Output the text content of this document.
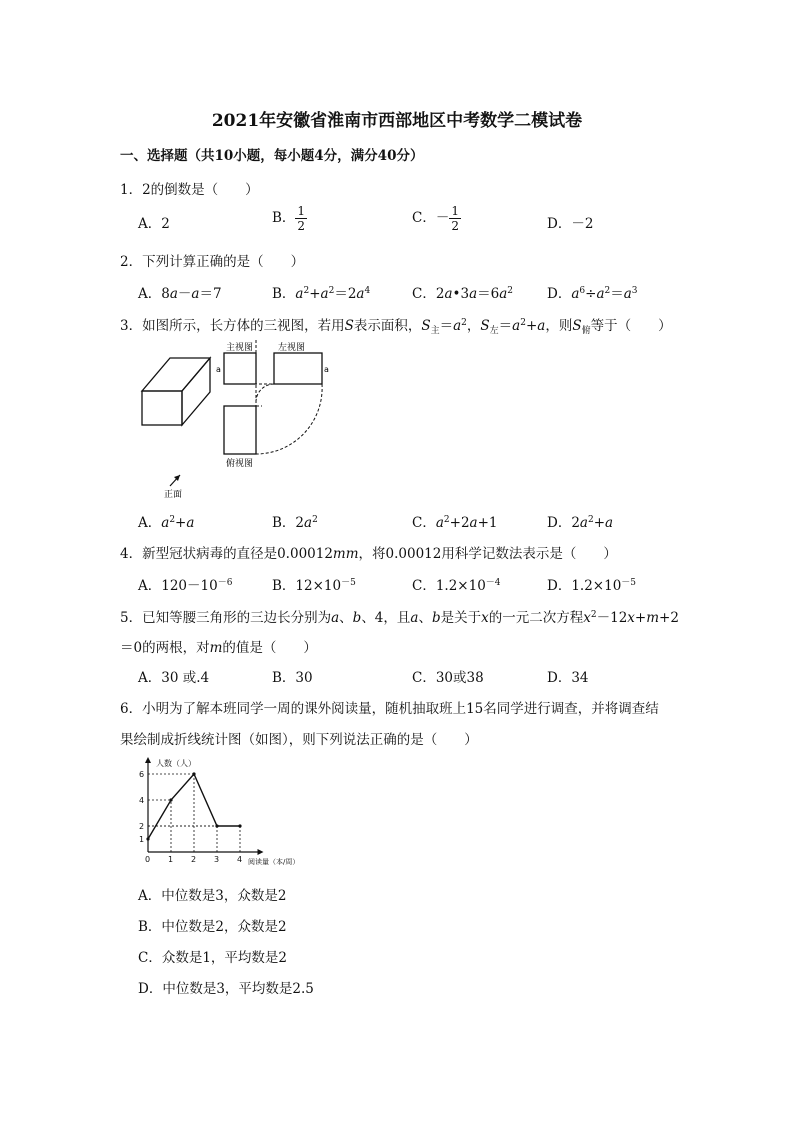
2021年安徽省淮南市西部地区中考数学二模试卷
一、选择题（共10小题，每小题4分，满分40分）
1．2的倒数是（　　）
A．2	B． $\frac{1}{2}$	C．－ $\frac{1}{2}$	D．－2
2．下列计算正确的是（　　）
A．8a－a＝7	B．$a^2+a^2=2a^4$	C．$2a•3a=6a^2$	D．$a^6\div a^2=a^3$
3．如图所示，长方体的三视图，若用S表示面积，$S_主=a^2$，$S_左=a^2+a$，则$S_俯$等于（　　）
主视图
a
左视图
a
俯视图
正面
A．$a^2+a$	B．$2a^2$	C．$a^2+2a+1$	D．$2a^2+a$
4．新型冠状病毒的直径是0.00012mm，将0.00012用科学记数法表示是（　　）
A．$120-10^{-6}$	B．$12\times 10^{-5}$	C．$1.2\times 10^{-4}$	D．$1.2\times 10^{-5}$
5．已知等腰三角形的三边长分别为a、b、4，且a、b是关于x的一元二次方程$x^2-12x+m+2$
＝0的两根，对m的值是（　　）
A．30 或.4	B．30	C．30或38	D．34
6．小明为了解本班同学一周的课外阅读量，随机抽取班上15名同学进行调查，并将调查结
果绘制成折线统计图（如图），则下列说法正确的是（　　）
0 1 2 3 4
1
2
4
6
人数（人）
阅读量（本/周）
A．中位数是3，众数是2
B．中位数是2，众数是2
C．众数是1，平均数是2
D．中位数是3，平均数是2.5
